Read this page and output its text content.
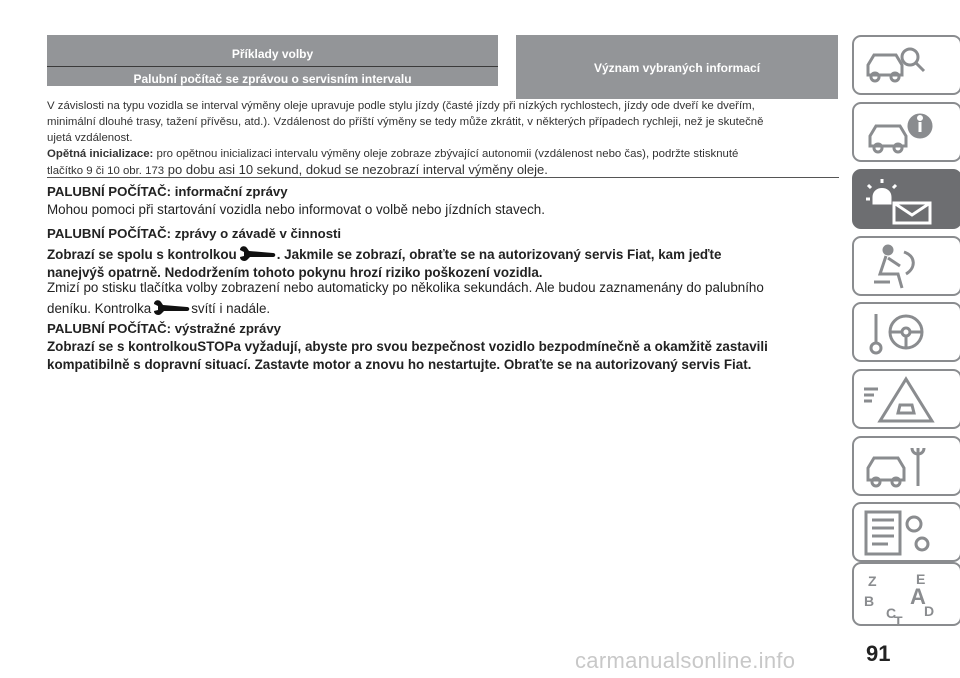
Příklady volby
Palubní počítač se zprávou o servisním intervalu
Význam vybraných informací
V závislosti na typu vozidla se interval výměny oleje upravuje podle stylu jízdy (časté jízdy při nízkých rychlostech, jízdy ode dveří ke dveřím,
minimální dlouhé trasy, tažení přívěsu, atd.). Vzdálenost do příští výměny se tedy může zkrátit, v některých případech rychleji, než je skutečně
ujetá vzdálenost.
Opětná inicializace: pro opětnou inicializaci intervalu výměny oleje zobraze zbývající autonomii (vzdálenost nebo čas), podržte stisknuté
tlačítko 9 či 10 obr. 173 po dobu asi 10 sekund, dokud se nezobrazí interval výměny oleje.
PALUBNÍ POČÍTAČ: informační zprávy
Mohou pomoci při startování vozidla nebo informovat o volbě nebo jízdních stavech.
PALUBNÍ POČÍTAČ: zprávy o závadě v činnosti
Zobrazí se spolu s kontrolkou	. Jakmile se zobrazí, obraťte se na autorizovaný servis Fiat, kam jeďte
nanejvýš opatrně. Nedodržením tohoto pokynu hrozí riziko poškození vozidla.
Zmizí po stisku tlačítka volby zobrazení nebo automaticky po několika sekundách. Ale budou zaznamenány do palubního
deníku. Kontrolka	svítí i nadále.
PALUBNÍ POČÍTAČ: výstražné zprávy
Zobrazí se s kontrolkouSTOPa vyžadují, abyste pro svou bezpečnost vozidlo bezpodmínečně a okamžitě zastavili
kompatibilně s dopravní situací. Zastavte motor a znovu ho nestartujte. Obraťte se na autorizovaný servis Fiat.
Z	E
B A
C D
T
91
carmanualsonline.info
